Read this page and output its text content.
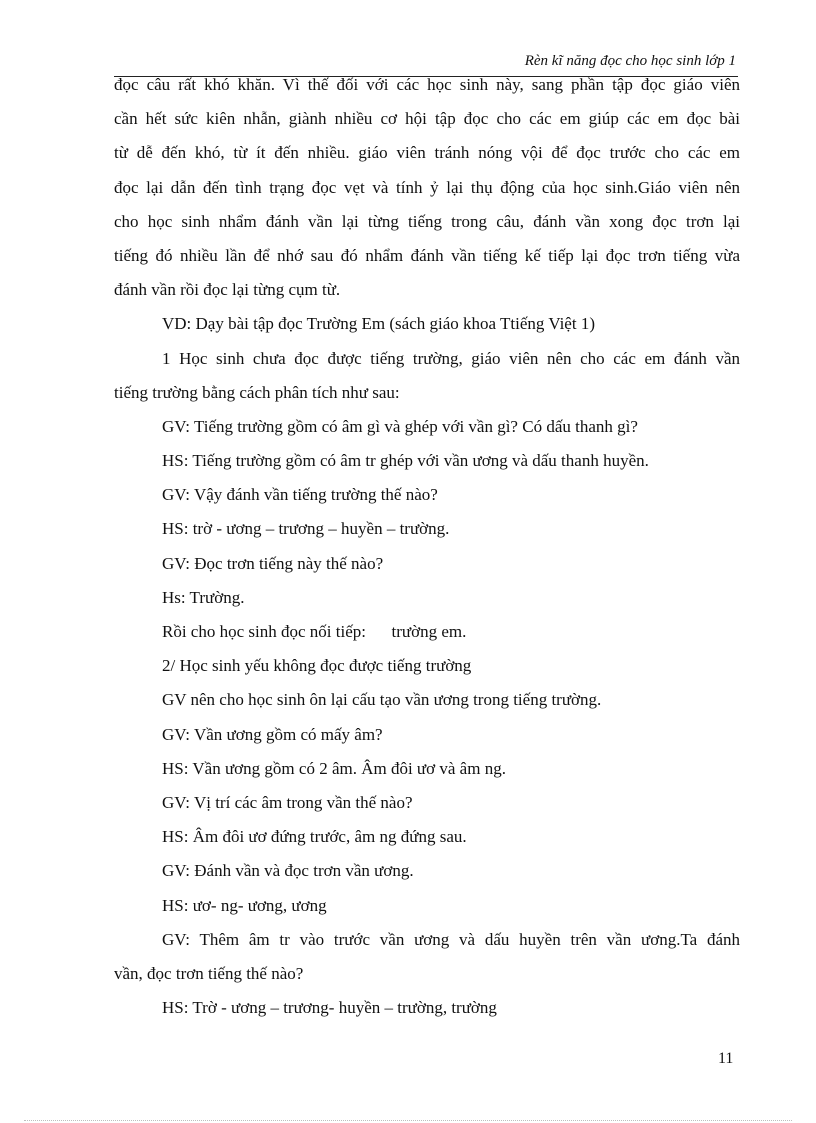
Rèn kĩ năng đọc cho học sinh lớp 1
đọc câu rất khó khăn. Vì thế đối với các học sinh này, sang phần tập đọc giáo viên
cần hết sức kiên nhẫn, giành nhiều cơ hội tập đọc cho các em giúp các em đọc bài
từ dễ đến khó, từ ít đến nhiều. giáo viên tránh nóng vội để đọc trước cho các em
đọc lại dẫn đến tình trạng đọc vẹt và tính ỷ lại thụ động của học sinh.Giáo viên nên
cho học sinh nhẩm đánh vần lại từng tiếng trong câu, đánh vần xong đọc trơn lại
tiếng đó nhiều lần để nhớ sau đó nhẩm đánh vần tiếng kế tiếp lại đọc trơn tiếng vừa
đánh vần rồi đọc lại từng cụm từ.
VD: Dạy bài tập đọc Trường Em (sách giáo khoa Ttiếng Việt 1)
1 Học sinh chưa đọc được tiếng trường, giáo viên nên cho các em đánh vần
tiếng trường bằng cách phân tích như sau:
GV: Tiếng trường gồm có âm gì và ghép với vần gì? Có dấu thanh gì?
HS: Tiếng trường gồm có âm tr ghép với vần ương và dấu thanh huyền.
GV: Vậy đánh vần tiếng trường thế nào?
HS: trờ - ương – trương – huyền – trường.
GV: Đọc trơn tiếng này thế nào?
Hs: Trường.
Rồi cho học sinh đọc nối tiếp:      trường em.
2/ Học sinh yếu không đọc được tiếng trường
GV nên cho học sinh ôn lại cấu tạo vần ương trong tiếng trường.
GV: Vần ương gồm có mấy âm?
HS: Vần ương gồm có 2 âm. Âm đôi ươ và âm ng.
GV: Vị trí các âm trong vần thế nào?
HS: Âm đôi ươ đứng trước, âm ng đứng sau.
GV: Đánh vần và đọc trơn vần ương.
HS: ươ- ng- ương, ương
GV: Thêm âm tr vào trước vần ương và dấu huyền trên vần ương.Ta đánh
vần, đọc trơn tiếng thế nào?
HS: Trờ - ương – trương- huyền – trường, trường
11
